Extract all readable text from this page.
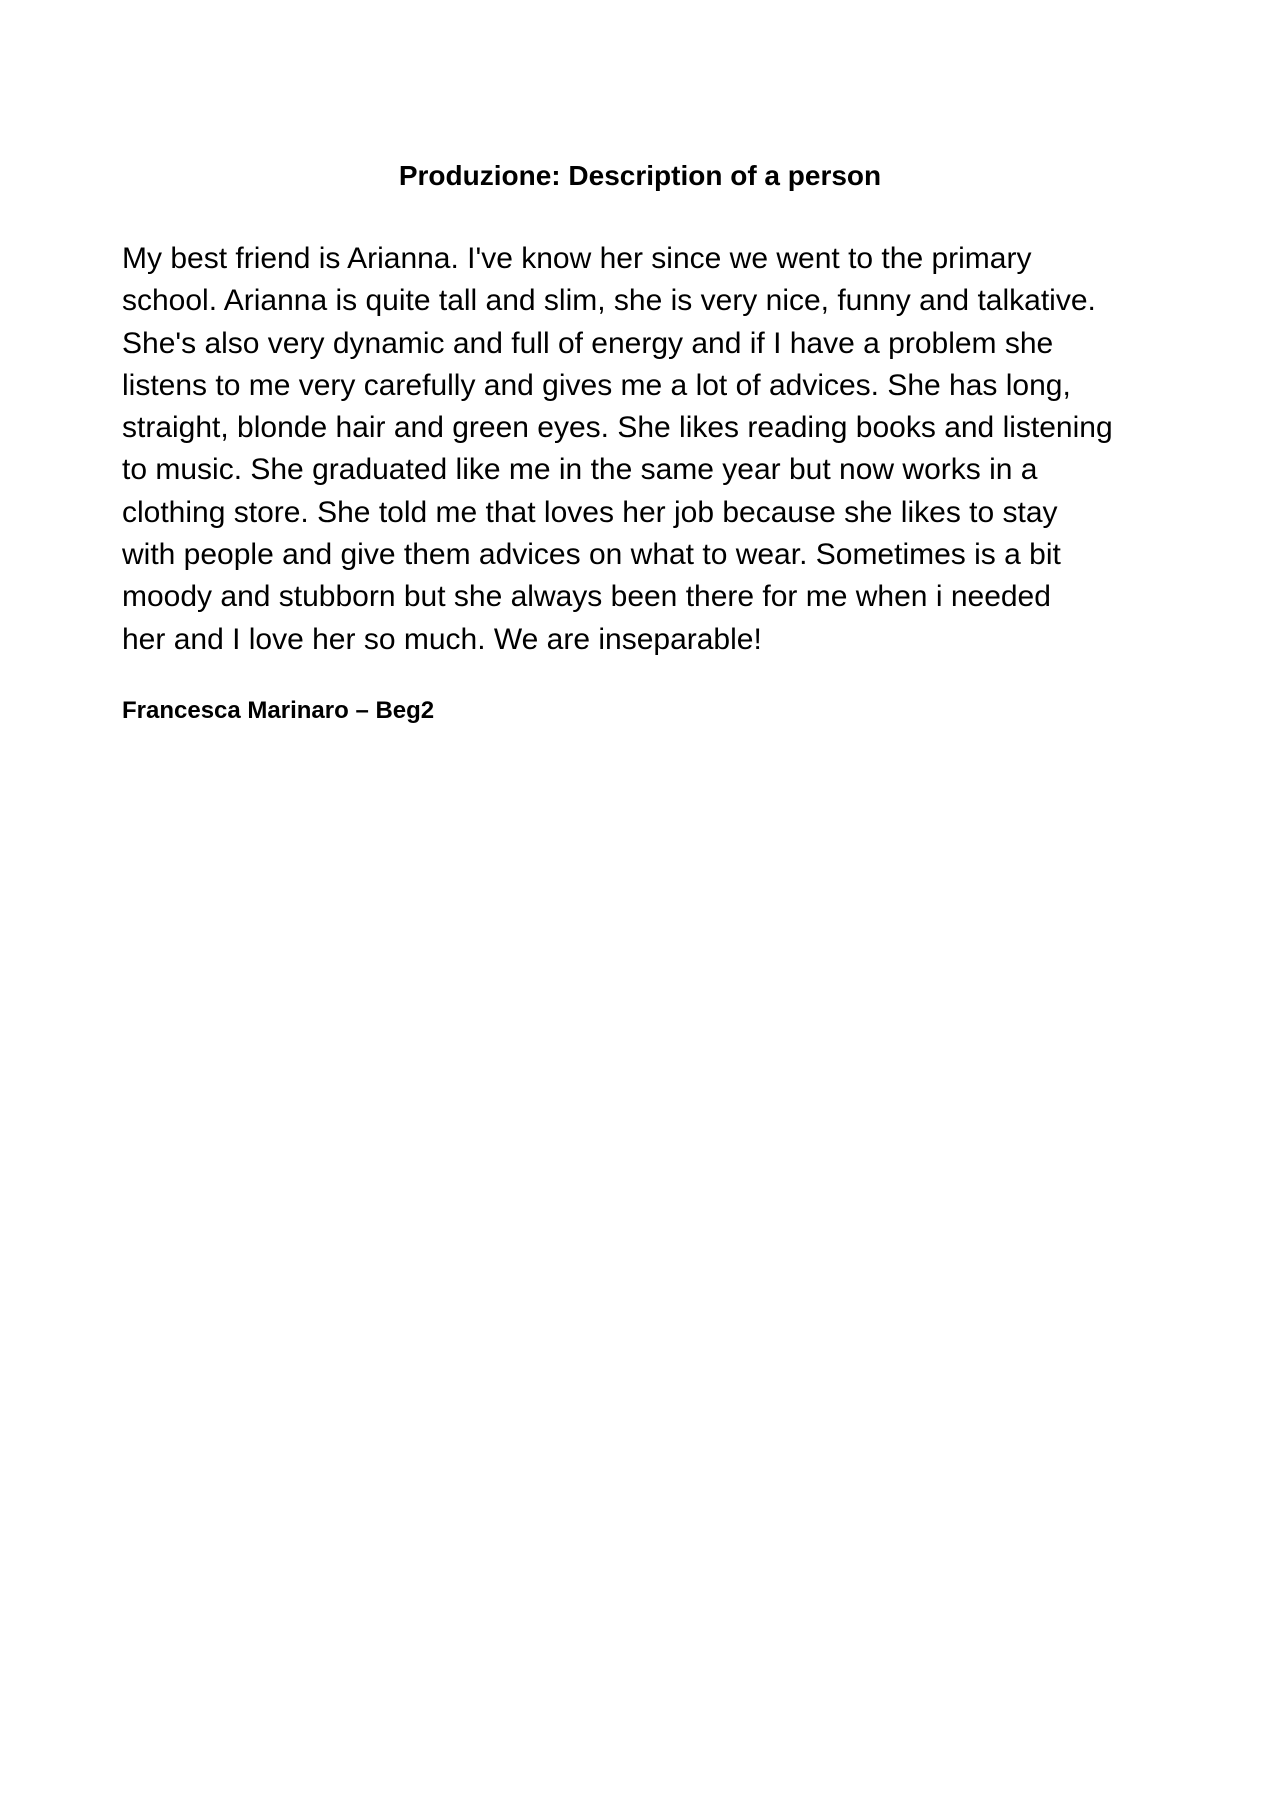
Produzione: Description of a person
My best friend is Arianna. I've know her since we went to the primary
school. Arianna is quite tall and slim, she is very nice, funny and talkative.
She's also very dynamic and full of energy and if I have a problem she
listens to me very carefully and gives me a lot of advices. She has long,
straight, blonde hair and green eyes. She likes reading books and listening
to music. She graduated like me in the same year but now works in a
clothing store. She told me that loves her job because she likes to stay
with people and give them advices on what to wear. Sometimes is a bit
moody and stubborn but she always been there for me when i needed
her and I love her so much. We are inseparable!

Francesca Marinaro – Beg2
